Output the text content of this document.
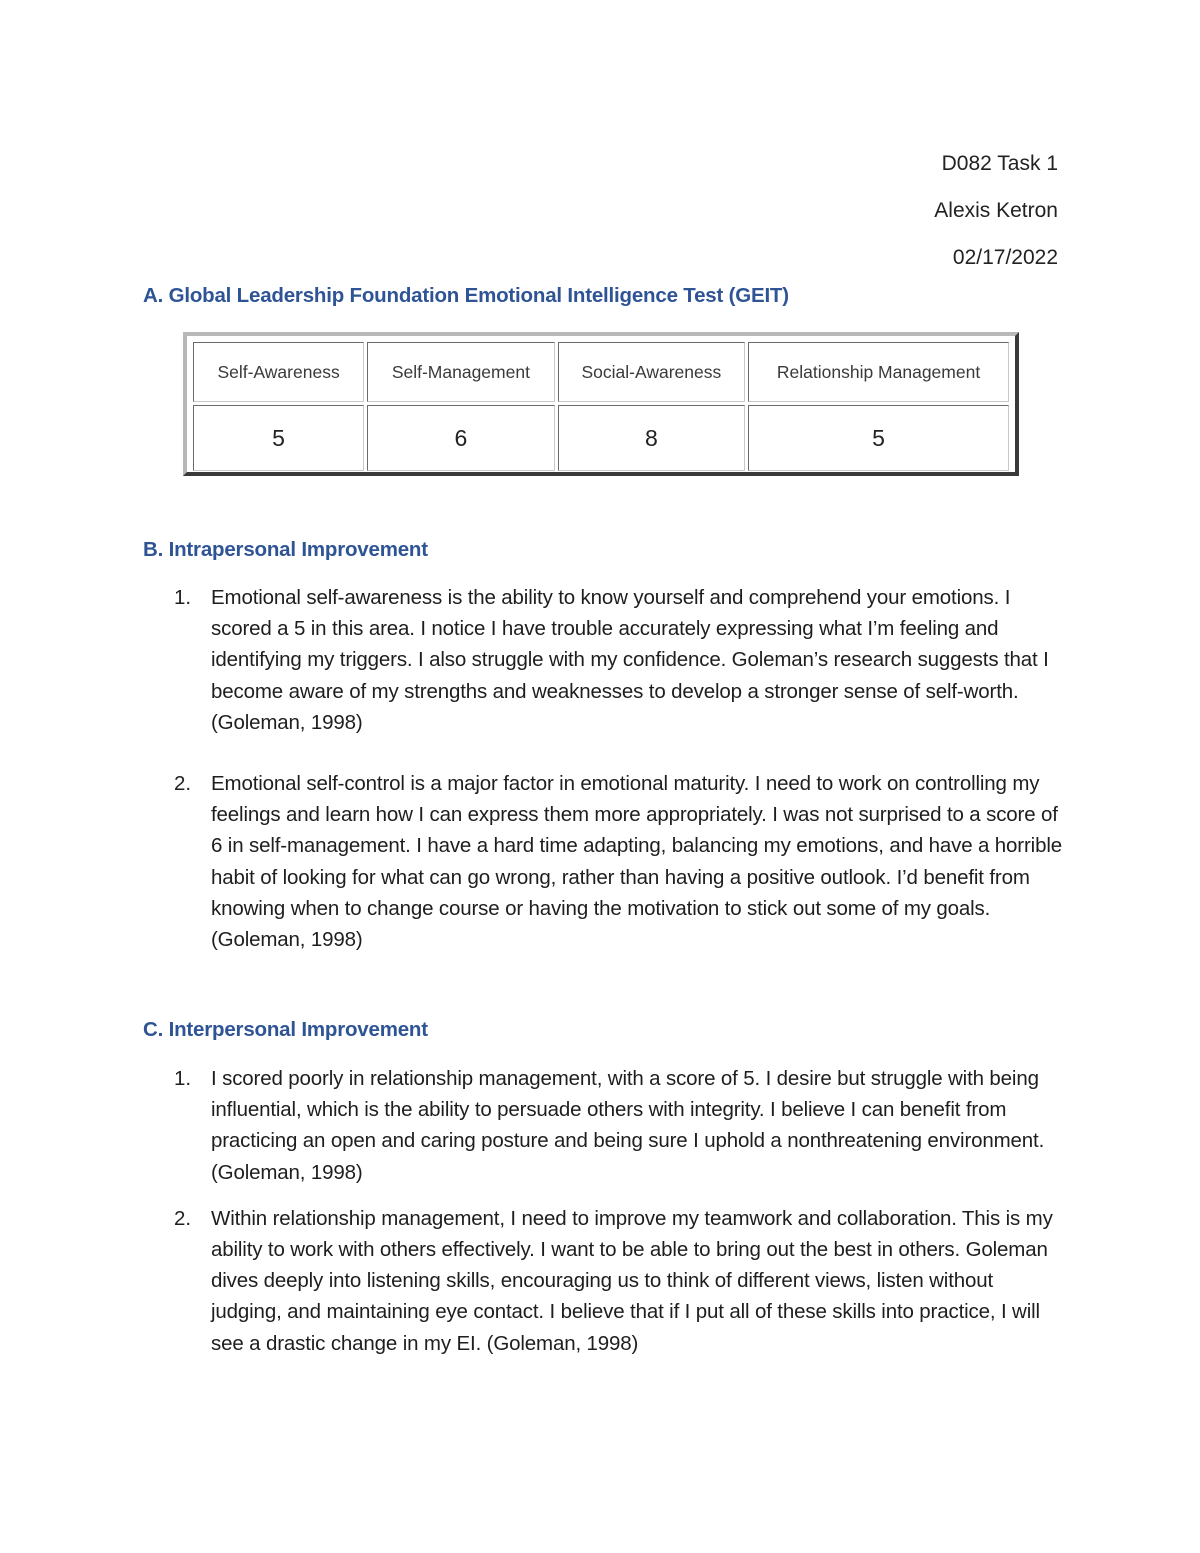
D082 Task 1
Alexis Ketron
02/17/2022
A. Global Leadership Foundation Emotional Intelligence Test (GEIT)
Self-Awareness	Self-Management	Social-Awareness	Relationship Management
5	6	8	5
B. Intrapersonal Improvement
1. Emotional self-awareness is the ability to know yourself and comprehend your emotions. I scored a 5 in this area. I notice I have trouble accurately expressing what I’m feeling and identifying my triggers. I also struggle with my confidence. Goleman’s research suggests that I become aware of my strengths and weaknesses to develop a stronger sense of self-worth. (Goleman, 1998)
2. Emotional self-control is a major factor in emotional maturity. I need to work on controlling my feelings and learn how I can express them more appropriately. I was not surprised to a score of 6 in self-management. I have a hard time adapting, balancing my emotions, and have a horrible habit of looking for what can go wrong, rather than having a positive outlook. I’d benefit from knowing when to change course or having the motivation to stick out some of my goals. (Goleman, 1998)
C. Interpersonal Improvement
1. I scored poorly in relationship management, with a score of 5. I desire but struggle with being influential, which is the ability to persuade others with integrity. I believe I can benefit from practicing an open and caring posture and being sure I uphold a nonthreatening environment. (Goleman, 1998)
2. Within relationship management, I need to improve my teamwork and collaboration. This is my ability to work with others effectively. I want to be able to bring out the best in others. Goleman dives deeply into listening skills, encouraging us to think of different views, listen without judging, and maintaining eye contact. I believe that if I put all of these skills into practice, I will see a drastic change in my EI. (Goleman, 1998)
